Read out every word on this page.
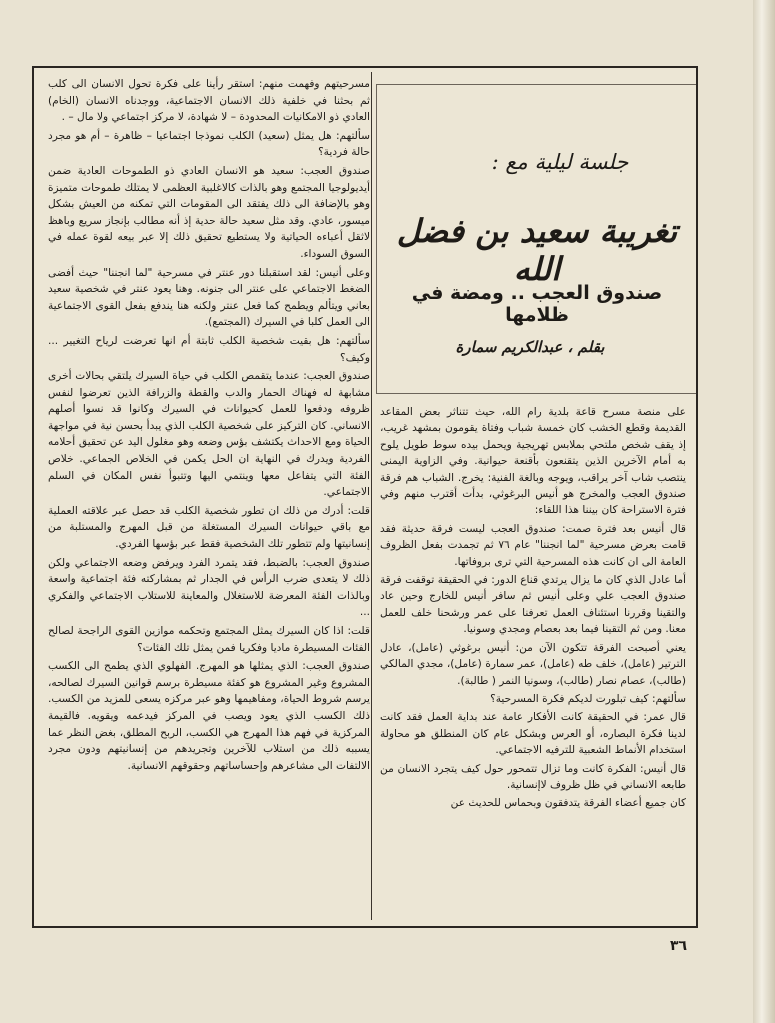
مسرحيتهم وفهمت منهم: استقر رأينا على فكرة تحول الانسان الى كلب ثم بحثنا في خلفية ذلك الانسان الاجتماعية، ووجدناه الانسان (الخام) العادي ذو الامكانيات المحدودة – لا شهادة، لا مركز اجتماعي ولا مال – .

سألتهم: هل يمثل (سعيد) الكلب نموذجا اجتماعيا – ظاهرة – أم هو مجرد حالة فردية؟

صندوق العجب: سعيد هو الانسان العادي ذو الطموحات العادية ضمن أيديولوجيا المجتمع وهو بالذات كالاغلبية العظمى لا يمتلك طموحات متميزة وهو بالإضافة الى ذلك يفتقد الى المقومات التي تمكنه من العيش بشكل ميسور، عادي. وقد مثل سعيد حالة حدية إذ أنه مطالب بإنجاز سريع وباهظ لاثقل أعباءه الحياتية ولا يستطيع تحقيق ذلك إلا عبر بيعه لقوة عمله في السوق السوداء.

وعلى أنيس: لقد استقبلنا دور عنتر في مسرحية "لما انجننا" حيث أفضى الضغط الاجتماعي على عنتر الى جنونه. وهنا يعود عنتر في شخصية سعيد بعاني ويتألم ويطمح كما فعل عنتر ولكنه هنا يندفع بفعل القوى الاجتماعية الى العمل كلبا في السيرك (المجتمع).

سألتهم: هل بقيت شخصية الكلب ثابتة أم انها تعرضت لرياح التغيير ... وكيف؟

صندوق العجب: عندما يتقمص الكلب في حياة السيرك يلتقي بحالات أخرى مشابهة له فهناك الحمار والدب والقطة والزرافة الذين تعرضوا لنفس ظروفه ودفعوا للعمل كحيوانات في السيرك وكانوا قد نسوا أصلهم الانساني. كان التركيز على شخصية الكلب الذي يبدأ بحسن نية في مواجهة الحياة ومع الاحداث يكتشف بؤس وضعه وهو مغلول اليد عن تحقيق أحلامه الفردية ويدرك في النهاية ان الحل يكمن في الخلاص الجماعي. خلاص الفئة التي يتفاعل معها وينتمي اليها وتتبوأ نفس المكان في السلم الاجتماعي.

قلت: أدرك من ذلك ان تطور شخصية الكلب قد حصل عبر علاقته العملية مع باقي حيوانات السيرك المستغلة من قبل المهرج والمستلبة من إنسانيتها ولم تتطور تلك الشخصية فقط عبر بؤسها الفردي.

صندوق العجب: بالضبط، فقد يتمرد الفرد ويرفض وضعه الاجتماعي ولكن ذلك لا يتعدى ضرب الرأس في الجدار ثم بمشاركته فئة اجتماعية واسعة وبالذات الفئة المعرضة للاستغلال والمعاينة للاستلاب الاجتماعي والفكري ...

قلت: اذا كان السيرك يمثل المجتمع وتحكمه موازين القوى الراجحة لصالح الفئات المسيطرة ماديا وفكريا فمن يمثل تلك الفئات؟

صندوق العجب: الذي يمثلها هو المهرج. الفهلوي الذي يطمح الى الكسب المشروع وغير المشروع هو كفئة مسيطرة برسم قوانين السيرك لصالحه، يرسم شروط الحياة، ومفاهيمها وهو عبر مركزه يسعى للمزيد من الكسب. ذلك الكسب الذي يعود ويصب في المركز فيدعمه ويقويه. فالقيمة المركزية في فهم هذا المهرج هي الكسب، الربح المطلق، بغض النظر عما يسببه ذلك من استلاب للآخرين وتجريدهم من إنسانيتهم ودون مجرد الالتفات الى مشاعرهم وإحساساتهم وحقوقهم الانسانية.

جلسة ليلية مع :
تغريبة سعيد بن فضل الله
صندوق العجب .. ومضة في ظلامها
بقلم ، عبدالكريم سمارة

على منصة مسرح قاعة بلدية رام الله، حيث تتناثر بعض المقاعد القديمة وقطع الخشب كان خمسة شباب وفتاة يقومون بمشهد غريب، إذ يقف شخص ملتحي بملابس تهريجية ويحمل بيده سوط طويل يلوح به أمام الآخرين الذين يتقنعون بأقنعة حيوانية. وفي الزاوية اليمنى ينتصب شاب آخر يراقب، ويوجه وبالغة الفنية: يخرج. الشباب هم فرقة صندوق العجب والمخرج هو أنيس البرغوثي، بدأت أقترب منهم وفي فترة الاستراحة كان بيننا هذا اللقاء:

قال أنيس بعد فترة صمت: صندوق العجب ليست فرقة حديثة فقد قامت بعرض مسرحية "لما انجننا" عام ٧٦ ثم تجمدت بفعل الظروف العامة الى ان كانت هذه المسرحية التي ترى بروفاتها.

أما عادل الذي كان ما يزال يرتدي قناع الدور: في الحقيقة توقفت فرقة صندوق العجب علي وعلى أنيس ثم سافر أنيس للخارج وحين عاد والتقينا وقررنا استئناف العمل تعرفنا على عمر ورشحنا خلف للعمل معنا. ومن ثم التقينا فيما بعد بعصام ومجدي وسونيا.

يعني أصبحت الفرقة تتكون الآن من: أنيس برغوثي (عامل)، عادل الترتير (عامل)، خلف طه (عامل)، عمر سمارة (عامل)، مجدي المالكي (طالب)، عصام نصار (طالب)، وسونيا النمر ( طالبة).

سألتهم: كيف تبلورت لديكم فكرة المسرحية؟

قال عمر: في الحقيقة كانت الأفكار عامة عند بداية العمل فقد كانت لدينا فكرة البصاره، أو العرس وبشكل عام كان المنطلق هو محاولة استخدام الأنماط الشعبية للترفيه الاجتماعي.

قال أنيس: الفكرة كانت وما تزال تتمحور حول كيف يتجرد الانسان من طابعه الانساني في ظل ظروف لاإنسانية.

كان جميع أعضاء الفرقة يتدفقون وبحماس للحديث عن

٣٦
